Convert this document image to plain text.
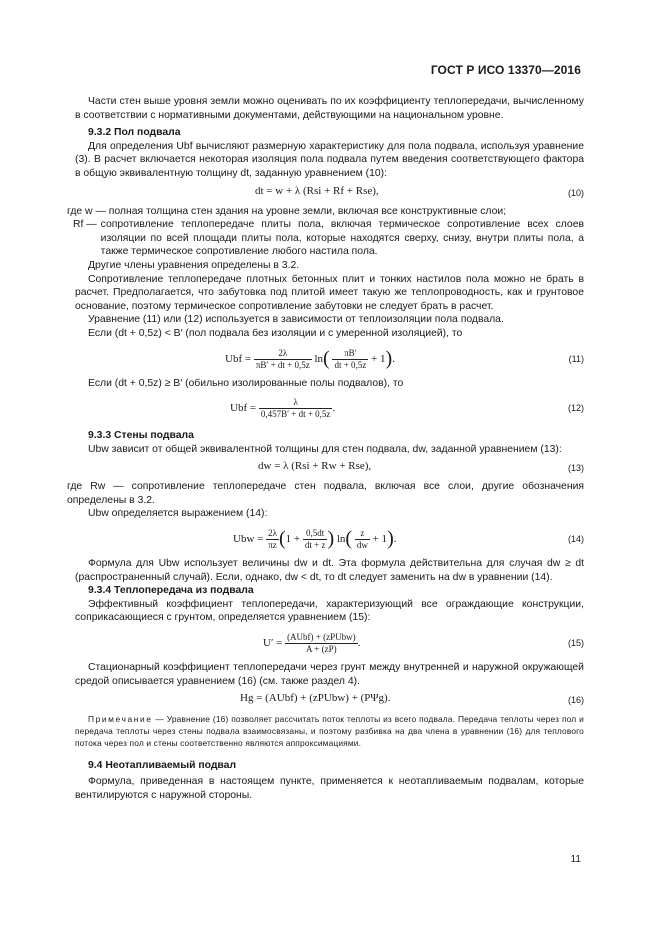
ГОСТ Р ИСО 13370—2016

Части стен выше уровня земли можно оценивать по их коэффициенту теплопередачи, вычисленному в соответствии с нормативными документами, действующими на национальном уровне.

9.3.2 Пол подвала

Для определения Ubf вычисляют размерную характеристику для пола подвала, используя уравнение (3). В расчет включается некоторая изоляция пола подвала путем введения соответствующего фактора в общую эквивалентную толщину dt, заданную уравнением (10):

dt = w + λ (Rsi + Rf + Rse),	(10)

где w — полная толщина стен здания на уровне земли, включая все конструктивные слои;

Rf — сопротивление теплопередаче плиты пола, включая термическое сопротивление всех слоев изоляции по всей площади плиты пола, которые находятся сверху, снизу, внутри плиты пола, а также термическое сопротивление любого настила пола.

Другие члены уравнения определены в 3.2.

Сопротивление теплопередаче плотных бетонных плит и тонких настилов пола можно не брать в расчет. Предполагается, что забутовка под плитой имеет такую же теплопроводность, как и грунтовое основание, поэтому термическое сопротивление забутовки не следует брать в расчет.

Уравнение (11) или (12) используется в зависимости от теплоизоляции пола подвала.

Если (dt + 0,5z) < B′ (пол подвала без изоляции и с умеренной изоляцией), то

Ubf = $\frac{2\lambda}{\pi B' + dt + 0,5z} \ln( \frac{\pi B'}{dt + 0,5z} + 1)$.	(11)

Если (dt + 0,5z) ≥ B′ (обильно изолированные полы подвалов), то

Ubf = $\frac{\lambda}{0,457B' + dt + 0,5z}$ .	(12)

9.3.3 Стены подвала

Ubw зависит от общей эквивалентной толщины для стен подвала, dw, заданной уравнением (13):

dw = λ (Rsi + Rw + Rse),	(13)

где Rw — сопротивление теплопередаче стен подвала, включая все слои, другие обозначения определены в 3.2.

Ubw определяется выражением (14):

Ubw = $\frac{2\lambda}{\pi z} (1 + \frac{0,5dt}{dt + z}$ ) $\ln( \frac{z}{dw} + 1)$.	(14)

Формула для Ubw использует величины dw и dt. Эта формула действительна для случая dw ≥ dt (распространенный случай). Если, однако, dw < dt, то dt следует заменить на dw в уравнении (14).

9.3.4 Теплопередача из подвала

Эффективный коэффициент теплопередачи, характеризующий все ограждающие конструкции, соприкасающиеся с грунтом, определяется уравнением (15):

$U' = \frac{\text{(AUbf) + (zPUbw)}}{A + (zP)}$ .	(15)

Стационарный коэффициент теплопередачи через грунт между внутренней и наружной окружающей средой описывается уравнением (16) (см. также раздел 4).

Hg = (AUbf) + (zPUbw) + (PΨg).	(16)

Примечание — Уравнение (16) позволяет рассчитать поток теплоты из всего подвала. Передача теплоты через пол и передача теплоты через стены подвала взаимосвязаны, и поэтому разбивка на два члена в уравнении (16) для теплового потока через пол и стены соответственно являются аппроксимациями.

9.4 Неотапливаемый подвал

Формула, приведенная в настоящем пункте, применяется к неотапливаемым подвалам, которые вентилируются с наружной стороны.

11
